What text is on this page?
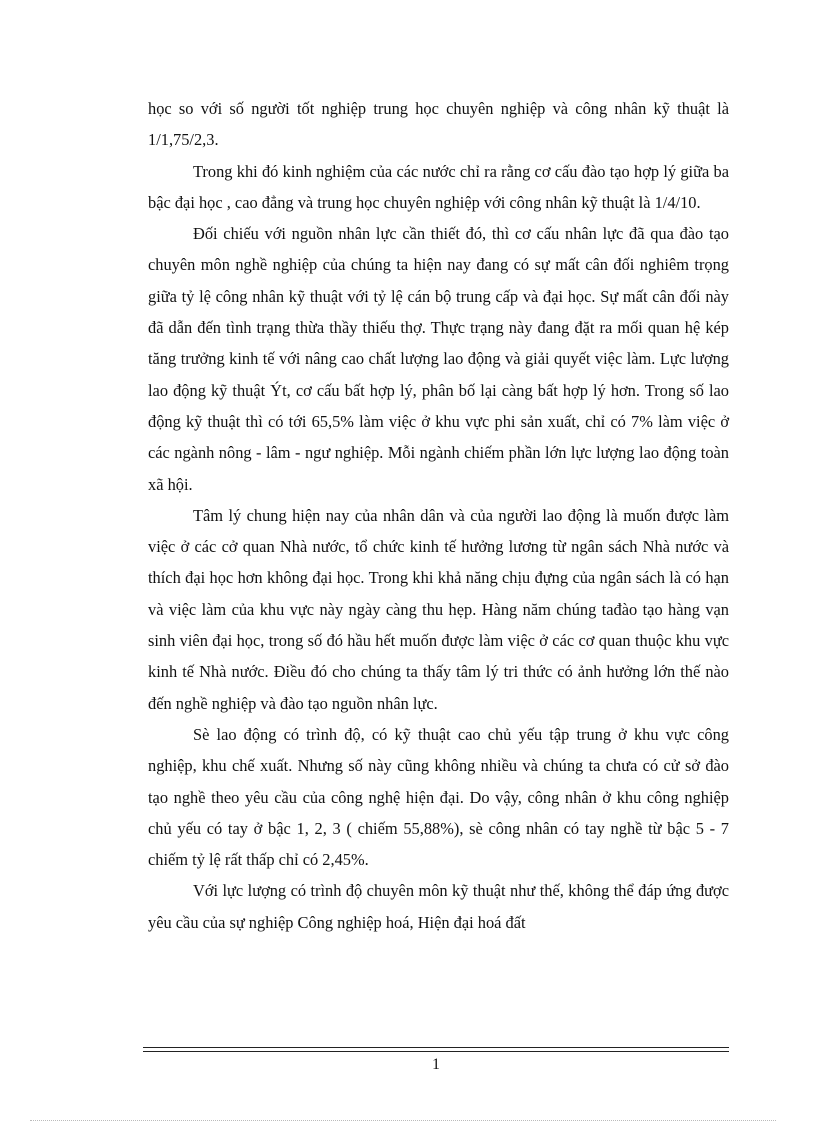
học so với số người tốt nghiệp trung học chuyên nghiệp và công nhân kỹ thuật là 1/1,75/2,3.

Trong khi đó kinh nghiệm của các nước chỉ ra rằng cơ cấu đào tạo hợp lý giữa ba bậc đại học , cao đẳng và trung học chuyên nghiệp với công nhân kỹ thuật là 1/4/10.

Đối chiếu với nguồn nhân lực cần thiết đó, thì cơ cấu nhân lực đã qua đào tạo chuyên môn nghề nghiệp của chúng ta hiện nay đang có sự mất cân đối nghiêm trọng giữa tỷ lệ công nhân kỹ thuật với tỷ lệ cán bộ trung cấp và đại học. Sự mất cân đối này đã dẫn đến tình trạng thừa thầy thiếu thợ. Thực trạng này đang đặt ra mối quan hệ kép tăng trưởng kinh tế với nâng cao chất lượng lao động và giải quyết việc làm. Lực lượng lao động kỹ thuật Ýt, cơ cấu bất hợp lý, phân bố lại càng bất hợp lý hơn. Trong số lao động kỹ thuật thì có tới 65,5% làm việc ở khu vực phi sản xuất, chỉ có 7% làm việc ở các ngành nông - lâm - ngư nghiệp. Mỗi ngành chiếm phần lớn lực lượng lao động toàn xã hội.

Tâm lý chung hiện nay của nhân dân và của người lao động là muốn được làm việc ở các cở quan Nhà nước, tổ chức kinh tế hưởng lương từ ngân sách Nhà nước và thích đại học hơn không đại học. Trong khi khả năng chịu đựng của ngân sách là có hạn và việc làm của khu vực này ngày càng thu hẹp. Hàng năm chúng tađào tạo hàng vạn sinh viên đại học, trong số đó hầu hết muốn được làm việc ở các cơ quan thuộc khu vực kinh tế Nhà nước. Điều đó cho chúng ta thấy tâm lý tri thức có ảnh hưởng lớn thế nào đến nghề nghiệp và đào tạo nguồn nhân lực.

Sè lao động có trình độ, có kỹ thuật cao chủ yếu tập trung ở khu vực công nghiệp, khu chế xuất. Nhưng số này cũng không nhiều và chúng ta chưa có cử sở đào tạo nghề theo yêu cầu của công nghệ hiện đại. Do vậy, công nhân ở khu công nghiệp chủ yếu có tay ở bậc 1, 2, 3 ( chiếm 55,88%), sè công nhân có tay nghề từ bậc 5 - 7 chiếm tỷ lệ rất thấp chỉ có 2,45%.

Với lực lượng có trình độ chuyên môn kỹ thuật như thế, không thể đáp ứng được yêu cầu của sự nghiệp Công nghiệp hoá, Hiện đại hoá đất

1
